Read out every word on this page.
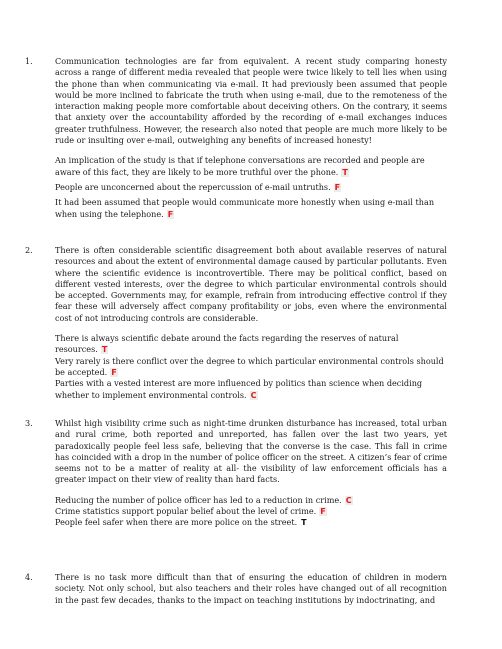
1.	Communication technologies are far from equivalent. A recent study comparing honesty across a range of different media revealed that people were twice likely to tell lies when using the phone than when communicating via e-mail. It had previously been assumed that people would be more inclined to fabricate the truth when using e-mail, due to the remoteness of the interaction making people more comfortable about deceiving others. On the contrary, it seems that anxiety over the accountability afforded by the recording of e-mail exchanges induces greater truthfulness. However, the research also noted that people are much more likely to be rude or insulting over e-mail, outweighing any benefits of increased honesty!

An implication of the study is that if telephone conversations are recorded and people are aware of this fact, they are likely to be more truthful over the phone. T

People are unconcerned about the repercussion of e-mail untruths. F

It had been assumed that people would communicate more honestly when using e-mail than when using the telephone. F

2.	There is often considerable scientific disagreement both about available reserves of natural resources and about the extent of environmental damage caused by particular pollutants. Even where the scientific evidence is incontrovertible. There may be political conflict, based on different vested interests, over the degree to which particular environmental controls should be accepted. Governments may, for example, refrain from introducing effective control if they fear these will adversely affect company profitability or jobs, even where the environmental cost of not introducing controls are considerable.

There is always scientific debate around the facts regarding the reserves of natural resources. T

Very rarely is there conflict over the degree to which particular environmental controls should be accepted. F

Parties with a vested interest are more influenced by politics than science when deciding whether to implement environmental controls. C

3.	Whilst high visibility crime such as night-time drunken disturbance has increased, total urban and rural crime, both reported and unreported, has fallen over the last two years, yet paradoxically people feel less safe, believing that the converse is the case. This fall in crime has coincided with a drop in the number of police officer on the street. A citizen’s fear of crime seems not to be a matter of reality at all- the visibility of law enforcement officials has a greater impact on their view of reality than hard facts.

Reducing the number of police officer has led to a reduction in crime. C

Crime statistics support popular belief about the level of crime. F

People feel safer when there are more police on the street. T

4.	There is no task more difficult than that of ensuring the education of children in modern society. Not only school, but also teachers and their roles have changed out of all recognition in the past few decades, thanks to the impact on teaching institutions by indoctrinating, and
